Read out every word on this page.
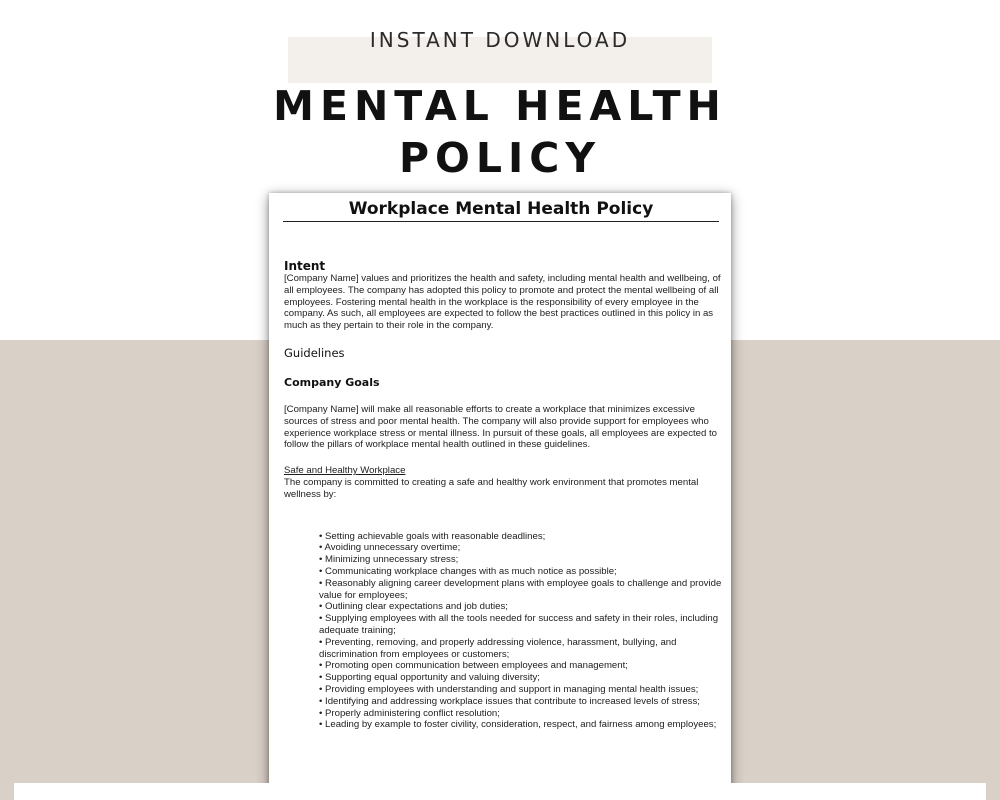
INSTANT DOWNLOAD
MENTAL HEALTH
POLICY
Workplace Mental Health Policy
Intent

[Company Name] values and prioritizes the health and safety, including mental health and wellbeing, of all employees. The company has adopted this policy to promote and protect the mental wellbeing of all employees. Fostering mental health in the workplace is the responsibility of every employee in the company. As such, all employees are expected to follow the best practices outlined in this policy in as much as they pertain to their role in the company.

Guidelines
Company Goals

[Company Name] will make all reasonable efforts to create a workplace that minimizes excessive sources of stress and poor mental health. The company will also provide support for employees who experience workplace stress or mental illness. In pursuit of these goals, all employees are expected to follow the pillars of workplace mental health outlined in these guidelines.

Safe and Healthy Workplace

The company is committed to creating a safe and healthy work environment that promotes mental wellness by:

• Setting achievable goals with reasonable deadlines;
• Avoiding unnecessary overtime;
• Minimizing unnecessary stress;
• Communicating workplace changes with as much notice as possible;
• Reasonably aligning career development plans with employee goals to challenge and provide value for employees;
• Outlining clear expectations and job duties;
• Supplying employees with all the tools needed for success and safety in their roles, including adequate training;
• Preventing, removing, and properly addressing violence, harassment, bullying, and discrimination from employees or customers;
• Promoting open communication between employees and management;
• Supporting equal opportunity and valuing diversity;
• Providing employees with understanding and support in managing mental health issues;
• Identifying and addressing workplace issues that contribute to increased levels of stress;
• Properly administering conflict resolution;
• Leading by example to foster civility, consideration, respect, and fairness among employees;
